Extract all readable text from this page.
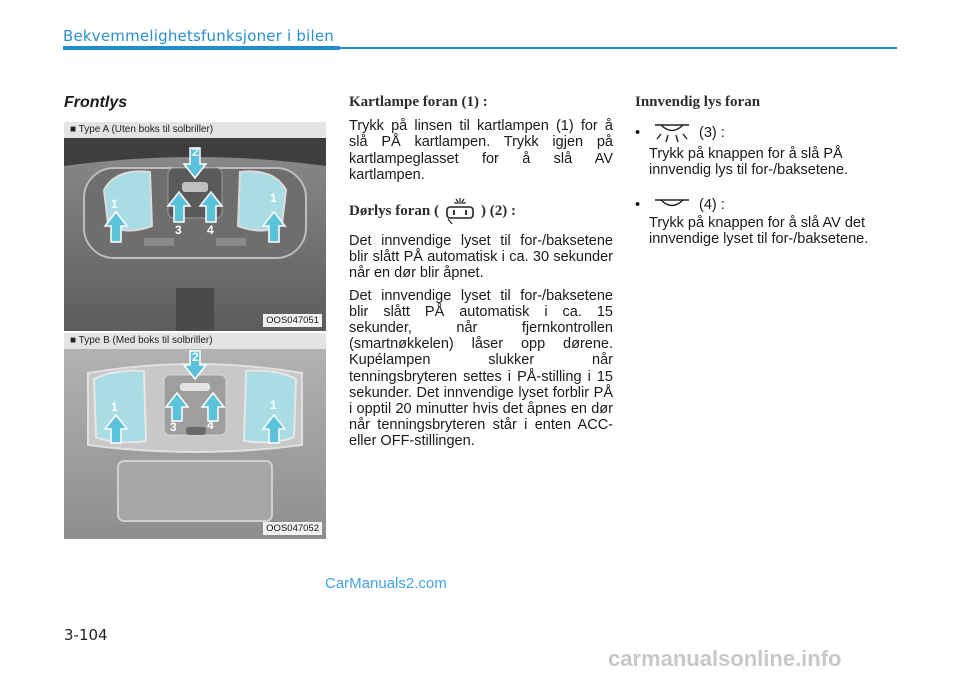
Bekvemmelighetsfunksjoner i bilen
Frontlys
■ Type A (Uten boks til solbriller)
2
1	1
3 4
OOS047051
■ Type B (Med boks til solbriller)
2
1	1
3	4
OOS047052
Kartlampe foran (1) :

Trykk på linsen til kartlampen (1) for å slå PÅ kartlampen. Trykk igjen på kartlampeglasset for å slå AV kartlampen.

Dørlys foran (	) (2) :

Det innvendige lyset til for-/baksetene blir slått PÅ automatisk i ca. 30 sekunder når en dør blir åpnet.

Det innvendige lyset til for-/baksetene blir slått PÅ automatisk i ca. 15 sekunder, når fjernkontrollen (smartnøkkelen) låser opp dørene. Kupélampen slukker når tenningsbryteren settes i PÅ-stilling i 15 sekunder. Det innvendige lyset forblir PÅ i opptil 20 minutter hvis det åpnes en dør når tenningsbryteren står i enten ACC- eller OFF-stillingen.

Innvendig lys foran
•	(3) :

Trykk på knappen for å slå PÅ innvendig lys til for-/baksetene.

•	(4) :

Trykk på knappen for å slå AV det innvendige lyset til for-/baksetene.

CarManuals2.com
3-104
carmanualsonline.info
